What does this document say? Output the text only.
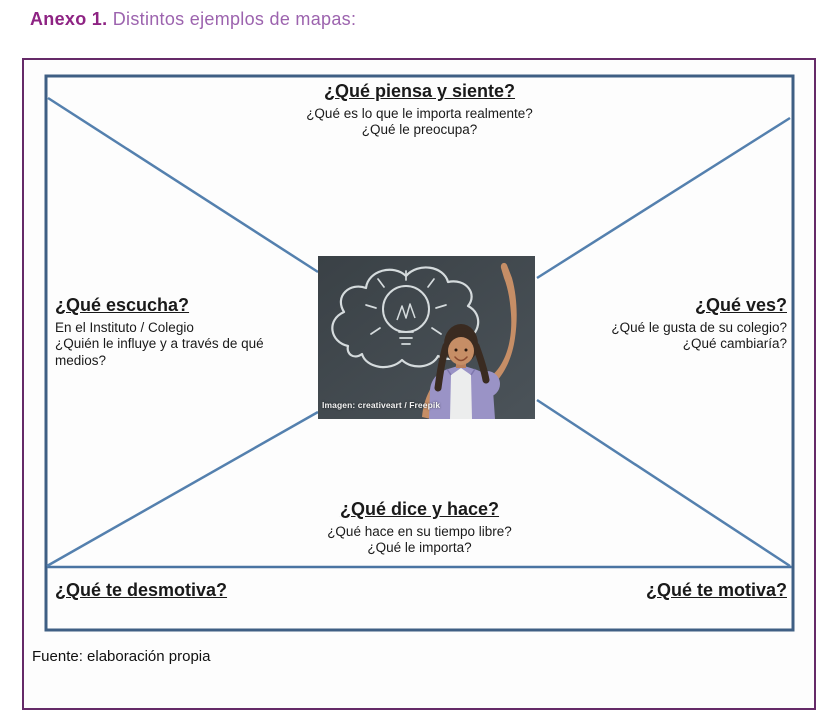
Anexo 1. Distintos ejemplos de mapas:
¿Qué piensa y siente?
¿Qué es lo que le importa realmente?
¿Qué le preocupa?
¿Qué escucha?
En el Instituto / Colegio
¿Quién le influye y a través de qué medios?
¿Qué ves?
¿Qué le gusta de su colegio?
¿Qué cambiaría?
¿Qué dice y hace?
¿Qué hace en su tiempo libre?
¿Qué le importa?
¿Qué te desmotiva?	¿Qué te motiva?
Imagen: creativeart / Freepik
Fuente: elaboración propia
